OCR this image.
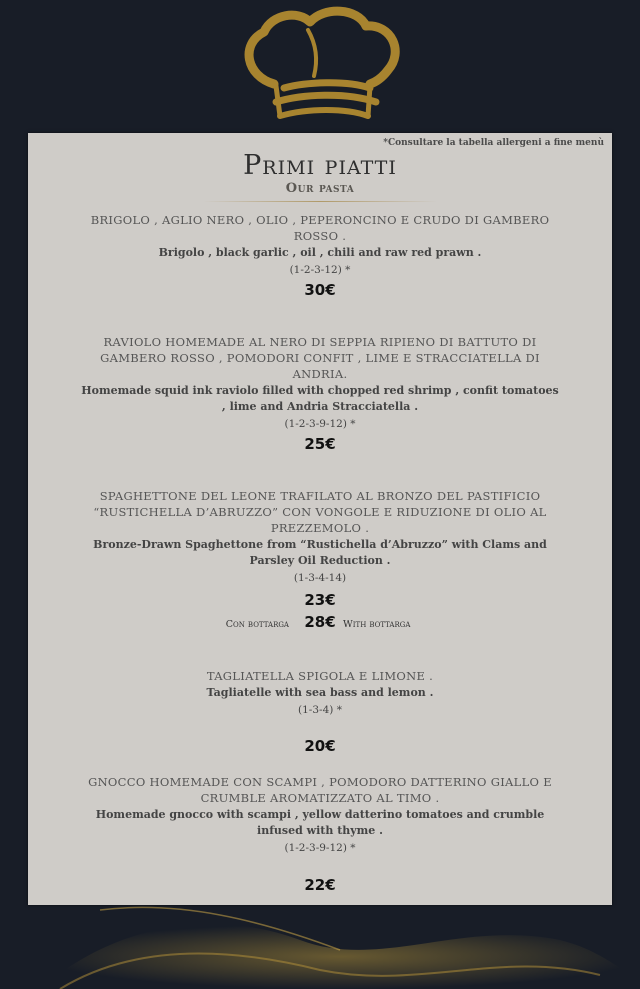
*Consultare la tabella allergeni a fine menù
Primi piatti
Our pasta
BRIGOLO , AGLIO NERO , OLIO , PEPERONCINO E CRUDO DI GAMBERO ROSSO .
Brigolo , black garlic , oil , chili and raw red prawn .
(1-2-3-12) *
30€
RAVIOLO HOMEMADE AL NERO DI SEPPIA RIPIENO DI BATTUTO DI GAMBERO ROSSO , POMODORI CONFIT , LIME E STRACCIATELLA DI ANDRIA.
Homemade squid ink raviolo filled with chopped red shrimp , confit tomatoes , lime and Andria Stracciatella .
(1-2-3-9-12) *
25€
SPAGHETTONE DEL LEONE TRAFILATO AL BRONZO DEL PASTIFICIO “RUSTICHELLA D’ABRUZZO” CON VONGOLE E RIDUZIONE DI OLIO AL PREZZEMOLO .
Bronze-Drawn Spaghettone from “Rustichella d’Abruzzo” with Clams and Parsley Oil Reduction .
(1-3-4-14)
23€
Con bottarga	28€ With bottarga
TAGLIATELLA SPIGOLA E LIMONE .
Tagliatelle with sea bass and lemon .
(1-3-4) *
20€
GNOCCO HOMEMADE CON SCAMPI , POMODORO DATTERINO GIALLO E CRUMBLE AROMATIZZATO AL TIMO .
Homemade gnocco with scampi , yellow datterino tomatoes and crumble infused with thyme .
(1-2-3-9-12) *
22€
